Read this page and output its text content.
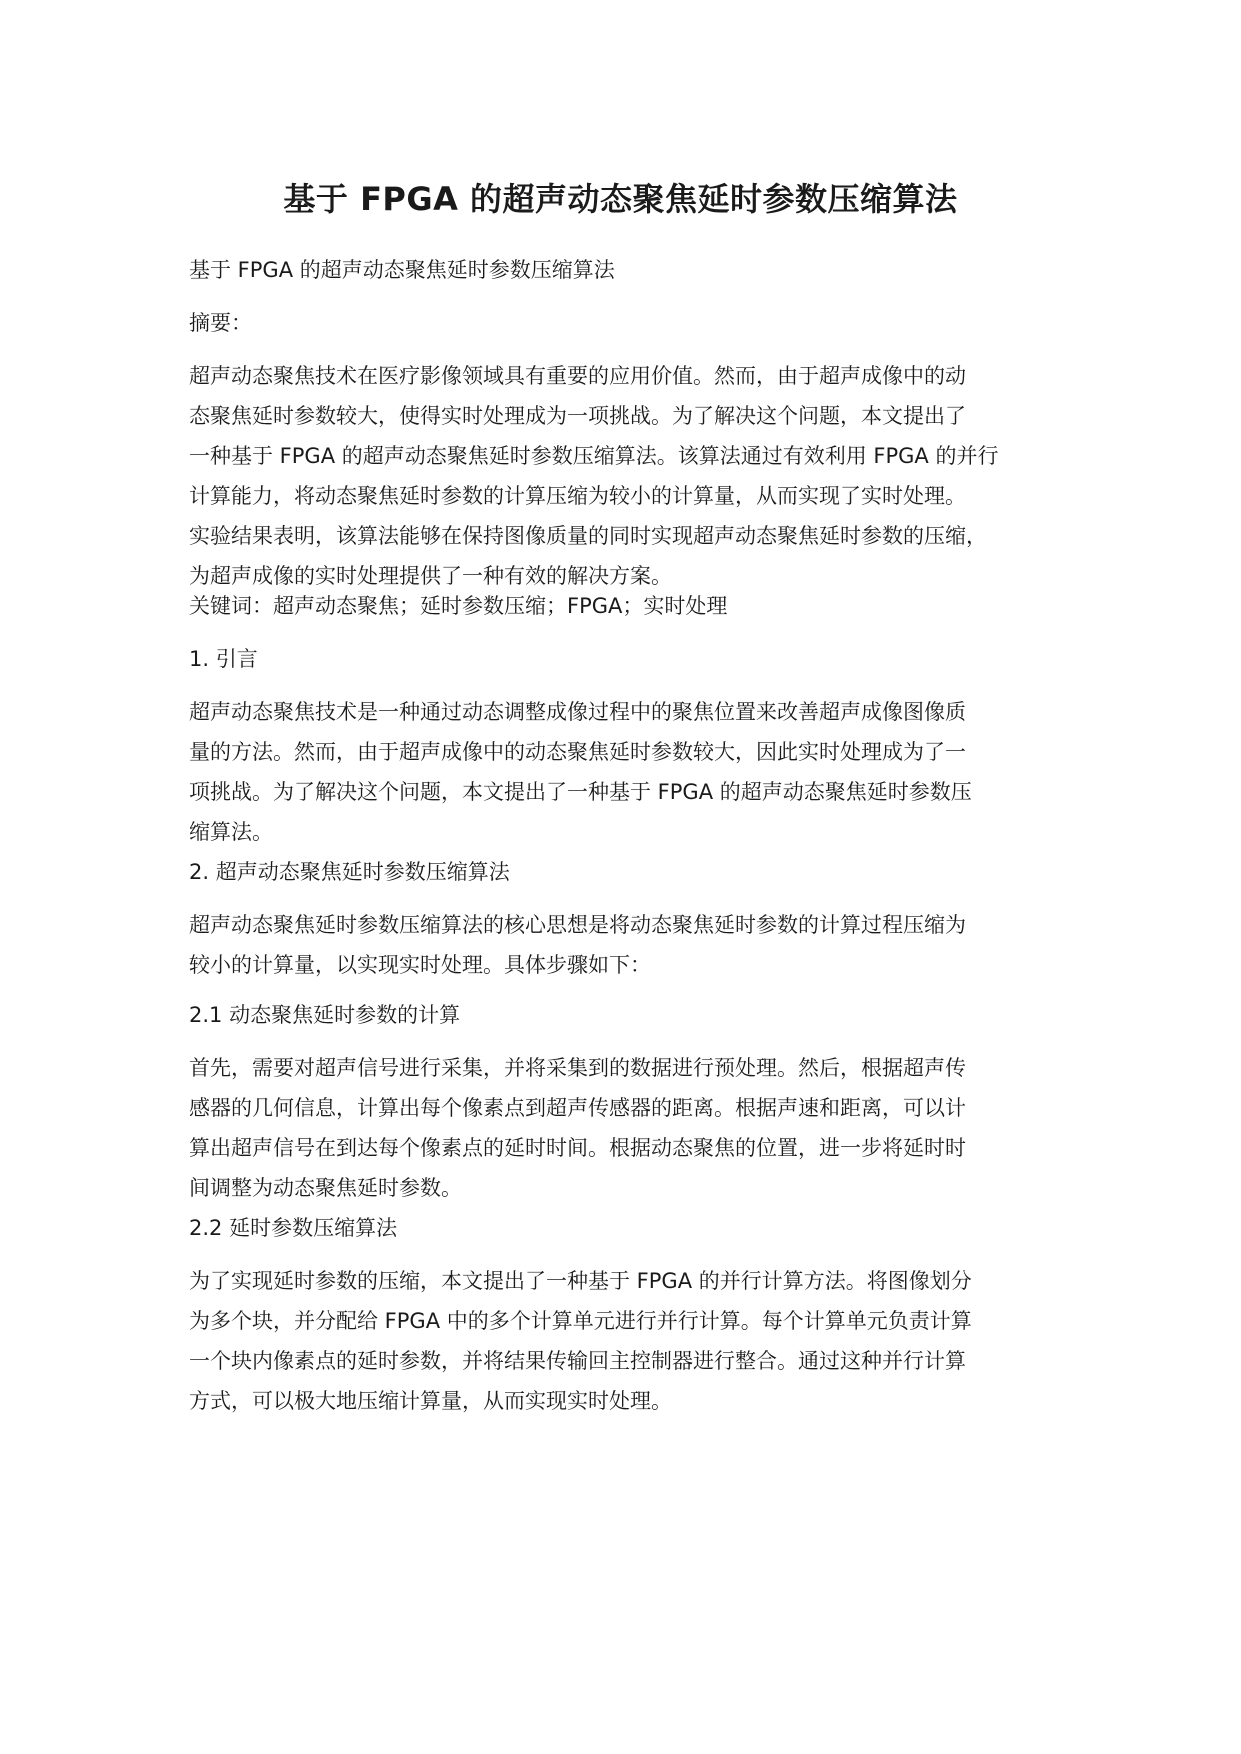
基于 FPGA 的超声动态聚焦延时参数压缩算法
基于 FPGA 的超声动态聚焦延时参数压缩算法
摘要：
超声动态聚焦技术在医疗影像领域具有重要的应用价值。然而，由于超声成像中的动
态聚焦延时参数较大，使得实时处理成为一项挑战。为了解决这个问题，本文提出了
一种基于 FPGA 的超声动态聚焦延时参数压缩算法。该算法通过有效利用 FPGA 的并行
计算能力，将动态聚焦延时参数的计算压缩为较小的计算量，从而实现了实时处理。
实验结果表明，该算法能够在保持图像质量的同时实现超声动态聚焦延时参数的压缩，
为超声成像的实时处理提供了一种有效的解决方案。
关键词：超声动态聚焦；延时参数压缩；FPGA；实时处理
1. 引言
超声动态聚焦技术是一种通过动态调整成像过程中的聚焦位置来改善超声成像图像质
量的方法。然而，由于超声成像中的动态聚焦延时参数较大，因此实时处理成为了一
项挑战。为了解决这个问题，本文提出了一种基于 FPGA 的超声动态聚焦延时参数压
缩算法。
2. 超声动态聚焦延时参数压缩算法
超声动态聚焦延时参数压缩算法的核心思想是将动态聚焦延时参数的计算过程压缩为
较小的计算量，以实现实时处理。具体步骤如下：
2.1 动态聚焦延时参数的计算
首先，需要对超声信号进行采集，并将采集到的数据进行预处理。然后，根据超声传
感器的几何信息，计算出每个像素点到超声传感器的距离。根据声速和距离，可以计
算出超声信号在到达每个像素点的延时时间。根据动态聚焦的位置，进一步将延时时
间调整为动态聚焦延时参数。
2.2 延时参数压缩算法
为了实现延时参数的压缩，本文提出了一种基于 FPGA 的并行计算方法。将图像划分
为多个块，并分配给 FPGA 中的多个计算单元进行并行计算。每个计算单元负责计算
一个块内像素点的延时参数，并将结果传输回主控制器进行整合。通过这种并行计算
方式，可以极大地压缩计算量，从而实现实时处理。
